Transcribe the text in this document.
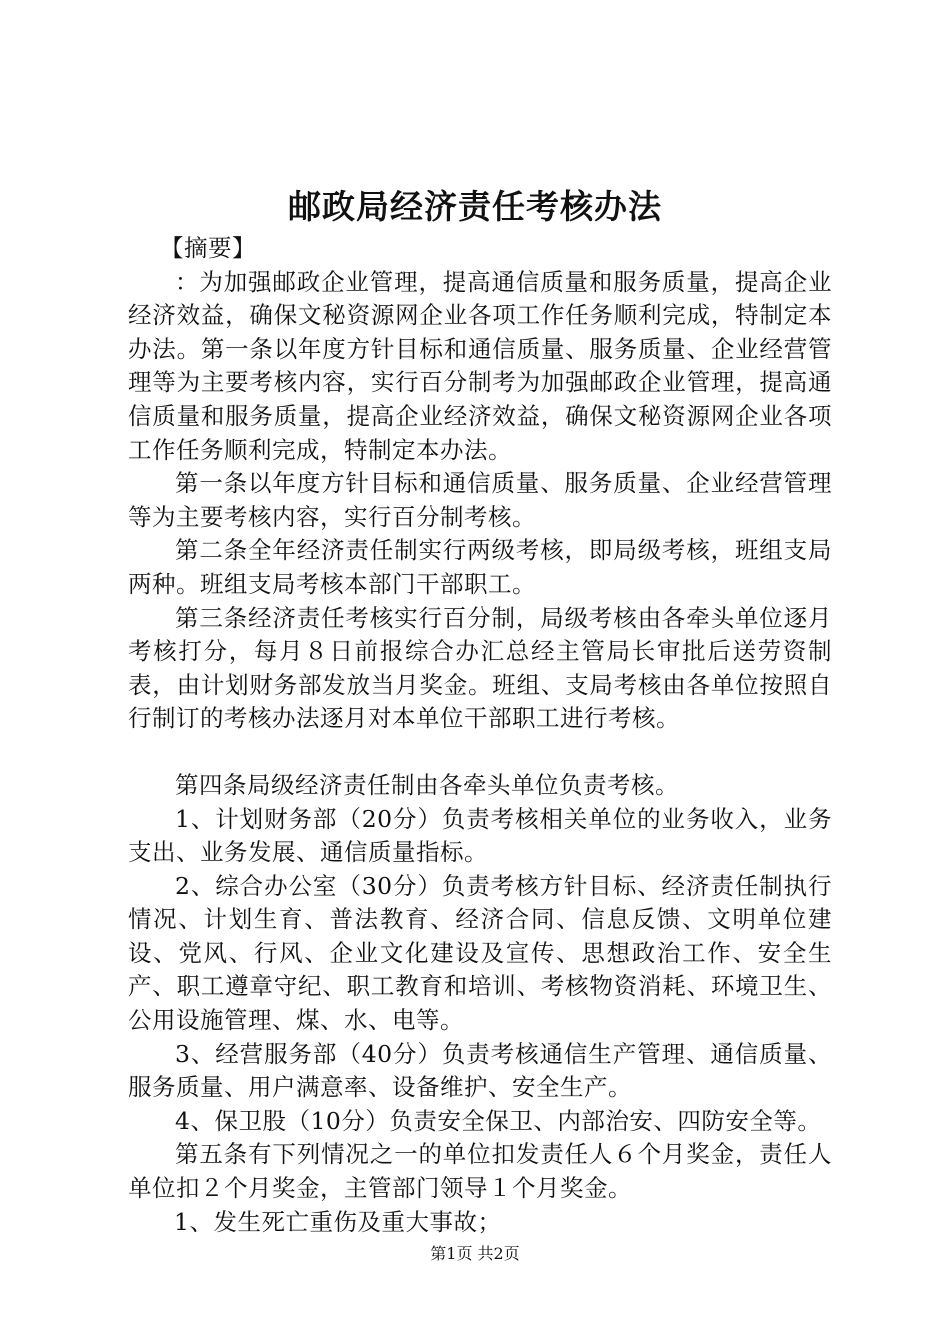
邮政局经济责任考核办法

【摘要】

：为加强邮政企业管理，提高通信质量和服务质量，提高企业经济效益，确保文秘资源网企业各项工作任务顺利完成，特制定本办法。第一条以年度方针目标和通信质量、服务质量、企业经营管理等为主要考核内容，实行百分制考为加强邮政企业管理，提高通信质量和服务质量，提高企业经济效益，确保文秘资源网企业各项工作任务顺利完成，特制定本办法。

第一条以年度方针目标和通信质量、服务质量、企业经营管理等为主要考核内容，实行百分制考核。

第二条全年经济责任制实行两级考核，即局级考核，班组支局两种。班组支局考核本部门干部职工。

第三条经济责任考核实行百分制，局级考核由各牵头单位逐月考核打分，每月８日前报综合办汇总经主管局长审批后送劳资制表，由计划财务部发放当月奖金。班组、支局考核由各单位按照自行制订的考核办法逐月对本单位干部职工进行考核。

第四条局级经济责任制由各牵头单位负责考核。

1、计划财务部（20分）负责考核相关单位的业务收入，业务支出、业务发展、通信质量指标。

2、综合办公室（30分）负责考核方针目标、经济责任制执行情况、计划生育、普法教育、经济合同、信息反馈、文明单位建设、党风、行风、企业文化建设及宣传、思想政治工作、安全生产、职工遵章守纪、职工教育和培训、考核物资消耗、环境卫生、公用设施管理、煤、水、电等。

3、经营服务部（40分）负责考核通信生产管理、通信质量、服务质量、用户满意率、设备维护、安全生产。

4、保卫股（10分）负责安全保卫、内部治安、四防安全等。

第五条有下列情况之一的单位扣发责任人６个月奖金，责任人单位扣２个月奖金，主管部门领导１个月奖金。

1、发生死亡重伤及重大事故；

第1页 共2页
